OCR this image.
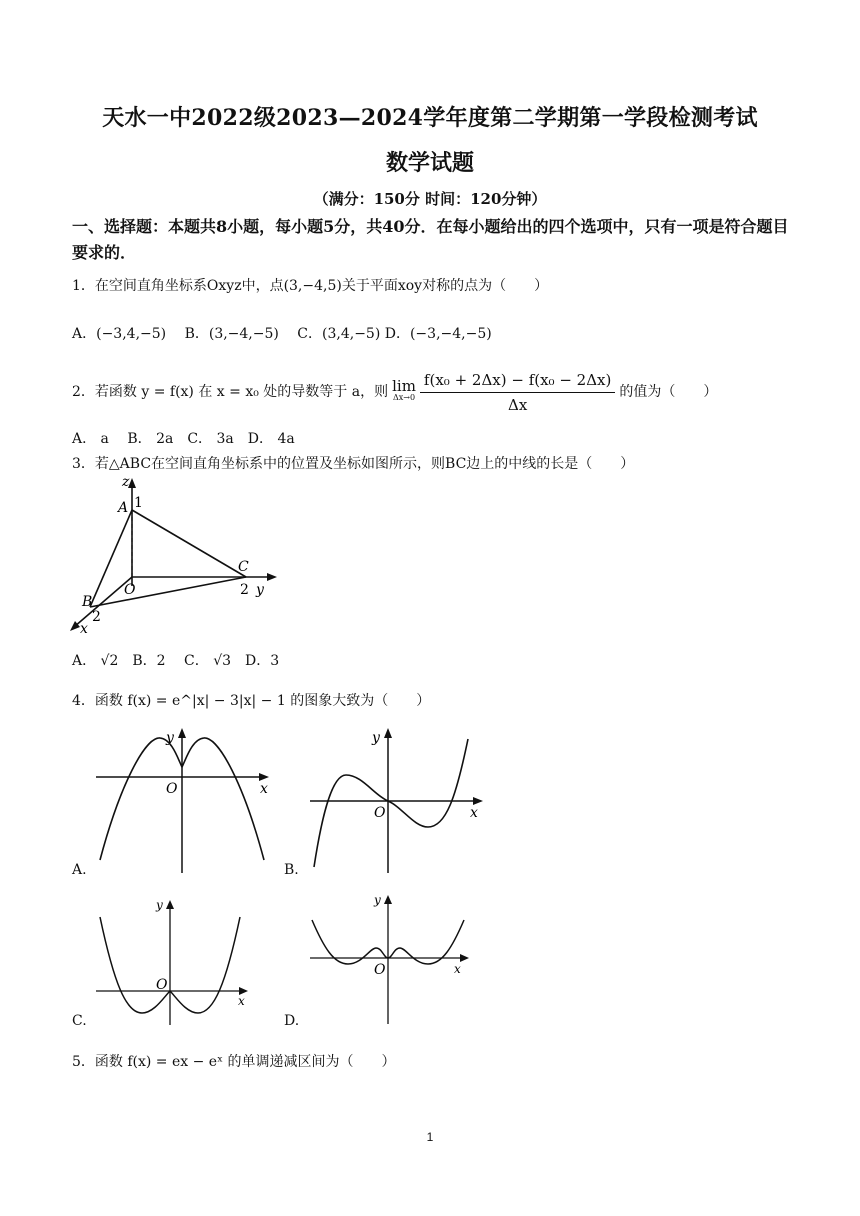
天水一中2022级2023—2024学年度第二学期第一学段检测考试
数学试题
（满分：150分 时间：120分钟）
一、选择题：本题共8小题，每小题5分，共40分．在每小题给出的四个选项中，只有一项是符合题目要求的．
1．在空间直角坐标系Oxyz中，点(3,−4,5)关于平面xoy对称的点为（　　）
A．(−3,4,−5)　 B．(3,−4,−5)　 C．(3,4,−5) D．(−3,−4,−5)
2．若函数 y = f(x) 在 x = x₀ 处的导数等于 a，则 lim
$\Delta x\to 0 \frac{\text{f(x₀ + 2Δx) − f(x₀ − 2Δx)}}{\Delta x}$ 的值为（　　）
A． a　 B． 2a　C． 3a　D． 4a
3．若△ABC在空间直角坐标系中的位置及坐标如图所示，则BC边上的中线的长是（　　）
z
A 1
O
C
2 y
B
2
x
A． √2　B．2　 C． √3　D．3
4．函数 f(x) = e^|x| − 3|x| − 1 的图象大致为（　　）
y
O	x
A.
y
O	x
B.
y
O
x
C.
y
O	x
D.
5．函数 f(x) = ex − eˣ 的单调递减区间为（　　）
1
